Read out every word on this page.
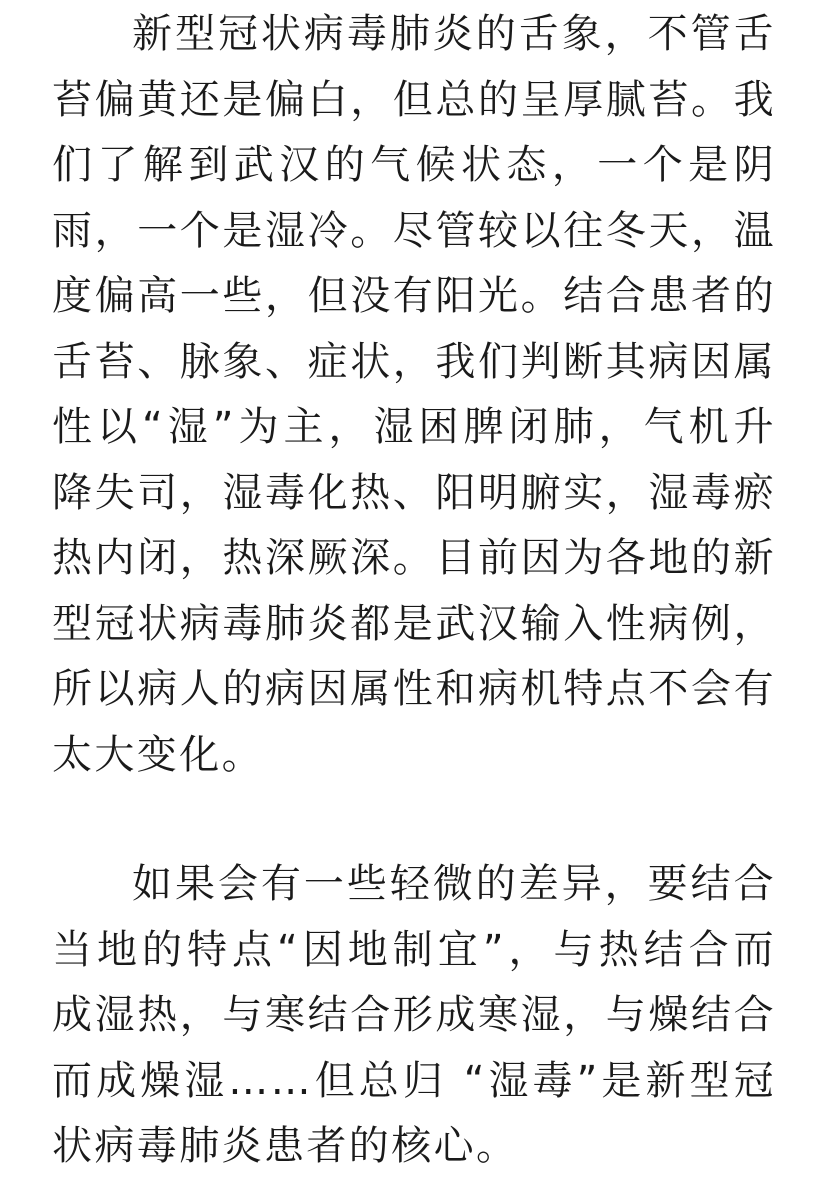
新型冠状病毒肺炎的舌象，不管舌苔偏黄还是偏白，但总的呈厚腻苔。我们了解到武汉的气候状态，一个是阴雨，一个是湿冷。尽管较以往冬天，温度偏高一些，但没有阳光。结合患者的舌苔、脉象、症状，我们判断其病因属性以“湿”为主，湿困脾闭肺，气机升降失司，湿毒化热、阳明腑实，湿毒瘀热内闭，热深厥深。目前因为各地的新型冠状病毒肺炎都是武汉输入性病例，所以病人的病因属性和病机特点不会有太大变化。

如果会有一些轻微的差异，要结合当地的特点“因地制宜”，与热结合而成湿热，与寒结合形成寒湿，与燥结合而成燥湿……但总归 “湿毒”是新型冠状病毒肺炎患者的核心。
